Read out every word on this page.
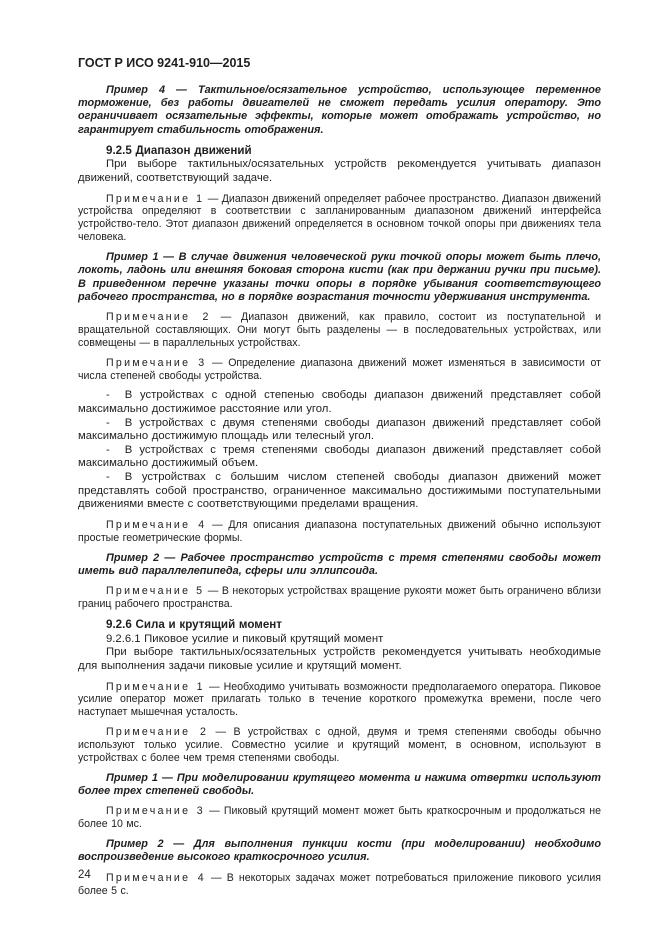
ГОСТ Р ИСО 9241-910—2015

Пример 4 — Тактильное/осязательное устройство, использующее переменное торможение, без работы двигателей не сможет передать усилия оператору. Это ограничивает осязательные эффекты, которые может отображать устройство, но гарантирует стабильность отображения.

9.2.5 Диапазон движений

При выборе тактильных/осязательных устройств рекомендуется учитывать диапазон движений, соответствующий задаче.

Примечание 1 — Диапазон движений определяет рабочее пространство. Диапазон движений устройства определяют в соответствии с запланированным диапазоном движений интерфейса устройство-тело. Этот диапазон движений определяется в основном точкой опоры при движениях тела человека.

Пример 1 — В случае движения человеческой руки точкой опоры может быть плечо, локоть, ладонь или внешняя боковая сторона кисти (как при держании ручки при письме). В приведенном перечне указаны точки опоры в порядке убывания соответствующего рабочего пространства, но в порядке возрастания точности удерживания инструмента.

Примечание 2 — Диапазон движений, как правило, состоит из поступательной и вращательной составляющих. Они могут быть разделены — в последовательных устройствах, или совмещены — в параллельных устройствах.

Примечание 3 — Определение диапазона движений может изменяться в зависимости от числа степеней свободы устройства.

- В устройствах с одной степенью свободы диапазон движений представляет собой максимально достижимое расстояние или угол.

- В устройствах с двумя степенями свободы диапазон движений представляет собой максимально достижимую площадь или телесный угол.

- В устройствах с тремя степенями свободы диапазон движений представляет собой максимально достижимый объем.

- В устройствах с большим числом степеней свободы диапазон движений может представлять собой пространство, ограниченное максимально достижимыми поступательными движениями вместе с соответствующими пределами вращения.

Примечание 4 — Для описания диапазона поступательных движений обычно используют простые геометрические формы.

Пример 2 — Рабочее пространство устройств с тремя степенями свободы может иметь вид параллелепипеда, сферы или эллипсоида.

Примечание 5 — В некоторых устройствах вращение рукояти может быть ограничено вблизи границ рабочего пространства.

9.2.6 Сила и крутящий момент

9.2.6.1 Пиковое усилие и пиковый крутящий момент

При выборе тактильных/осязательных устройств рекомендуется учитывать необходимые для выполнения задачи пиковые усилие и крутящий момент.

Примечание 1 — Необходимо учитывать возможности предполагаемого оператора. Пиковое усилие оператор может прилагать только в течение короткого промежутка времени, после чего наступает мышечная усталость.

Примечание 2 — В устройствах с одной, двумя и тремя степенями свободы обычно используют только усилие. Совместно усилие и крутящий момент, в основном, используют в устройствах с более чем тремя степенями свободы.

Пример 1 — При моделировании крутящего момента и нажима отвертки используют более трех степеней свободы.

Примечание 3 — Пиковый крутящий момент может быть краткосрочным и продолжаться не более 10 мс.

Пример 2 — Для выполнения пункции кости (при моделировании) необходимо воспроизведение высокого краткосрочного усилия.

Примечание 4 — В некоторых задачах может потребоваться приложение пикового усилия более 5 с.

24
